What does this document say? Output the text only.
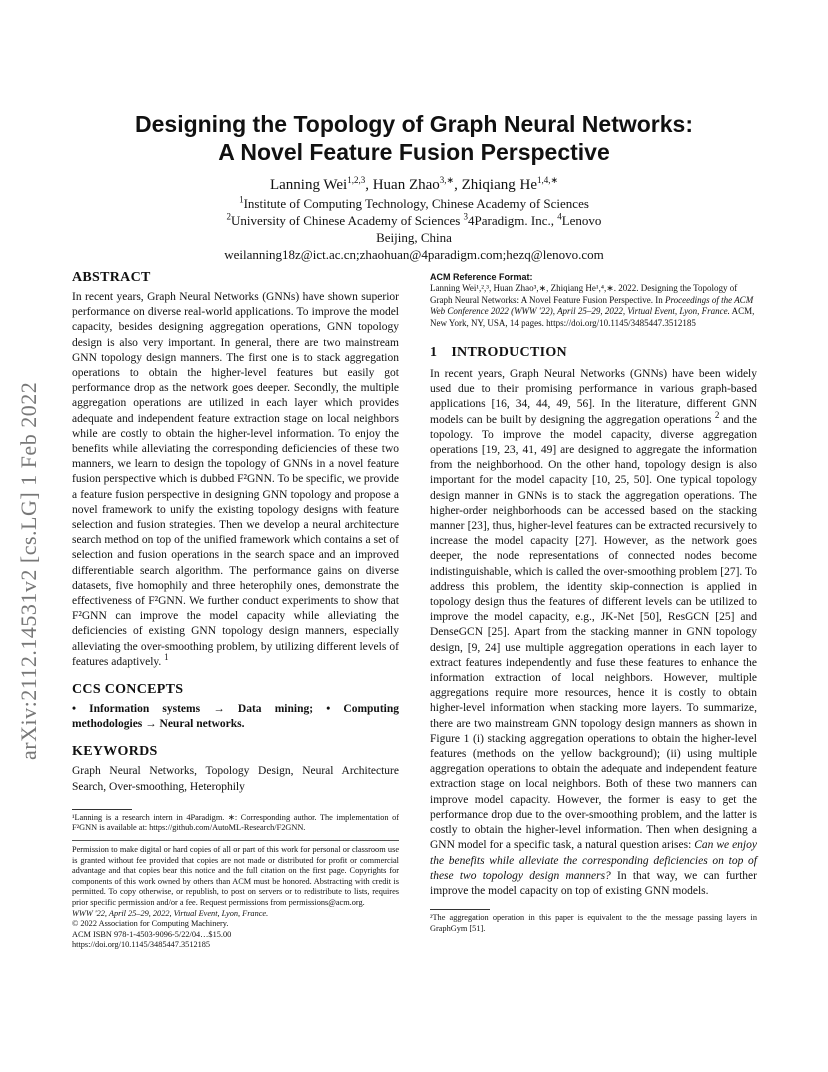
arXiv:2112.14531v2 [cs.LG] 1 Feb 2022
Designing the Topology of Graph Neural Networks:
A Novel Feature Fusion Perspective
Lanning Wei$^{1,2,3}$, Huan Zhao$^{3,∗}$, Zhiqiang $He^{1,4,∗}$
$^1$Institute of Computing Technology, Chinese Academy of Sciences
$^2$University of Chinese Academy of Sciences $^3$4Paradigm. Inc., $^4$Lenovo
Beijing, China
weilanning18z@ict.ac.cn;zhaohuan@4paradigm.com;hezq@lenovo.com
ABSTRACT

In recent years, Graph Neural Networks (GNNs) have shown superior performance on diverse real-world applications. To improve the model capacity, besides designing aggregation operations, GNN topology design is also very important. In general, there are two mainstream GNN topology design manners. The first one is to stack aggregation operations to obtain the higher-level features but easily got performance drop as the network goes deeper. Secondly, the multiple aggregation operations are utilized in each layer which provides adequate and independent feature extraction stage on local neighbors while are costly to obtain the higher-level information. To enjoy the benefits while alleviating the corresponding deficiencies of these two manners, we learn to design the topology of GNNs in a novel feature fusion perspective which is dubbed F²GNN. To be specific, we provide a feature fusion perspective in designing GNN topology and propose a novel framework to unify the existing topology designs with feature selection and fusion strategies. Then we develop a neural architecture search method on top of the unified framework which contains a set of selection and fusion operations in the search space and an improved differentiable search algorithm. The performance gains on diverse datasets, five homophily and three heterophily ones, demonstrate the effectiveness of F²GNN. We further conduct experiments to show that F²GNN can improve the model capacity while alleviating the deficiencies of existing GNN topology design manners, especially alleviating the over-smoothing problem, by utilizing different levels of features adaptively. $^1$

CCS CONCEPTS

• Information systems → Data mining; • Computing methodologies → Neural networks.

KEYWORDS

Graph Neural Networks, Topology Design, Neural Architecture Search, Over-smoothing, Heterophily

¹Lanning is a research intern in 4Paradigm. ∗: Corresponding author. The implementation of F²GNN is available at: https://github.com/AutoML-Research/F2GNN.

Permission to make digital or hard copies of all or part of this work for personal or classroom use is granted without fee provided that copies are not made or distributed for profit or commercial advantage and that copies bear this notice and the full citation on the first page. Copyrights for components of this work owned by others than ACM must be honored. Abstracting with credit is permitted. To copy otherwise, or republish, to post on servers or to redistribute to lists, requires prior specific permission and/or a fee. Request permissions from permissions@acm.org.

WWW '22, April 25–29, 2022, Virtual Event, Lyon, France.

© 2022 Association for Computing Machinery.

ACM ISBN 978-1-4503-9096-5/22/04…$15.00

https://doi.org/10.1145/3485447.3512185

ACM Reference Format:

Lanning Wei¹,²,³, Huan Zhao³,∗, Zhiqiang He¹,⁴,∗. 2022. Designing the Topology of Graph Neural Networks: A Novel Feature Fusion Perspective. In Proceedings of the ACM Web Conference 2022 (WWW '22), April 25–29, 2022, Virtual Event, Lyon, France. ACM, New York, NY, USA, 14 pages. https://doi.org/10.1145/3485447.3512185

1 INTRODUCTION

In recent years, Graph Neural Networks (GNNs) have been widely used due to their promising performance in various graph-based applications [16, 34, 44, 49, 56]. In the literature, different GNN models can be built by designing the aggregation operations $^2$ and the topology. To improve the model capacity, diverse aggregation operations [19, 23, 41, 49] are designed to aggregate the information from the neighborhood. On the other hand, topology design is also important for the model capacity [10, 25, 50]. One typical topology design manner in GNNs is to stack the aggregation operations. The higher-order neighborhoods can be accessed based on the stacking manner [23], thus, higher-level features can be extracted recursively to increase the model capacity [27]. However, as the network goes deeper, the node representations of connected nodes become indistinguishable, which is called the over-smoothing problem [27]. To address this problem, the identity skip-connection is applied in topology design thus the features of different levels can be utilized to improve the model capacity, e.g., JK-Net [50], ResGCN [25] and DenseGCN [25]. Apart from the stacking manner in GNN topology design, [9, 24] use multiple aggregation operations in each layer to extract features independently and fuse these features to enhance the information extraction of local neighbors. However, multiple aggregations require more resources, hence it is costly to obtain higher-level information when stacking more layers. To summarize, there are two mainstream GNN topology design manners as shown in Figure 1 (i) stacking aggregation operations to obtain the higher-level features (methods on the yellow background); (ii) using multiple aggregation operations to obtain the adequate and independent feature extraction stage on local neighbors. Both of these two manners can improve model capacity. However, the former is easy to get the performance drop due to the over-smoothing problem, and the latter is costly to obtain the higher-level information. Then when designing a GNN model for a specific task, a natural question arises: Can we enjoy the benefits while alleviate the corresponding deficiencies on top of these two topology design manners? In that way, we can further improve the model capacity on top of existing GNN models.

²The aggregation operation in this paper is equivalent to the the message passing layers in GraphGym [51].
